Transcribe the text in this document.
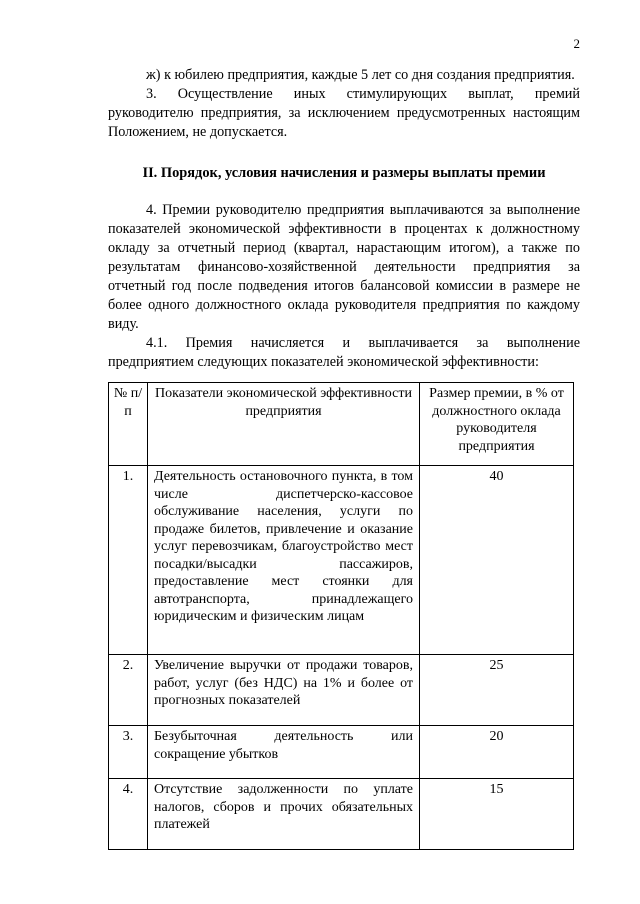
2

ж) к юбилею предприятия, каждые 5 лет со дня создания предприятия.

3. Осуществление иных стимулирующих выплат, премий руководителю предприятия, за исключением предусмотренных настоящим Положением, не допускается.

II. Порядок, условия начисления и размеры выплаты премии

4. Премии руководителю предприятия выплачиваются за выполнение показателей экономической эффективности в процентах к должностному окладу за отчетный период (квартал, нарастающим итогом), а также по результатам финансово-хозяйственной деятельности предприятия за отчетный год после подведения итогов балансовой комиссии в размере не более одного должностного оклада руководителя предприятия по каждому виду.

4.1. Премия начисляется и выплачивается за выполнение предприятием следующих показателей экономической эффективности:

№ п/п	Показатели экономической эффективности предприятия	Размер премии, в % от должностного оклада руководителя предприятия
1.	Деятельность остановочного пункта, в том числе диспетчерско-кассовое обслуживание населения, услуги по продаже билетов, привлечение и оказание услуг перевозчикам, благоустройство мест посадки/высадки пассажиров, предоставление мест стоянки для автотранспорта, принадлежащего юридическим и физическим лицам	40
2.	Увеличение выручки от продажи товаров, работ, услуг (без НДС) на 1% и более от прогнозных показателей	25
3.	Безубыточная деятельность или сокращение убытков	20
4.	Отсутствие задолженности по уплате налогов, сборов и прочих обязательных платежей	15
